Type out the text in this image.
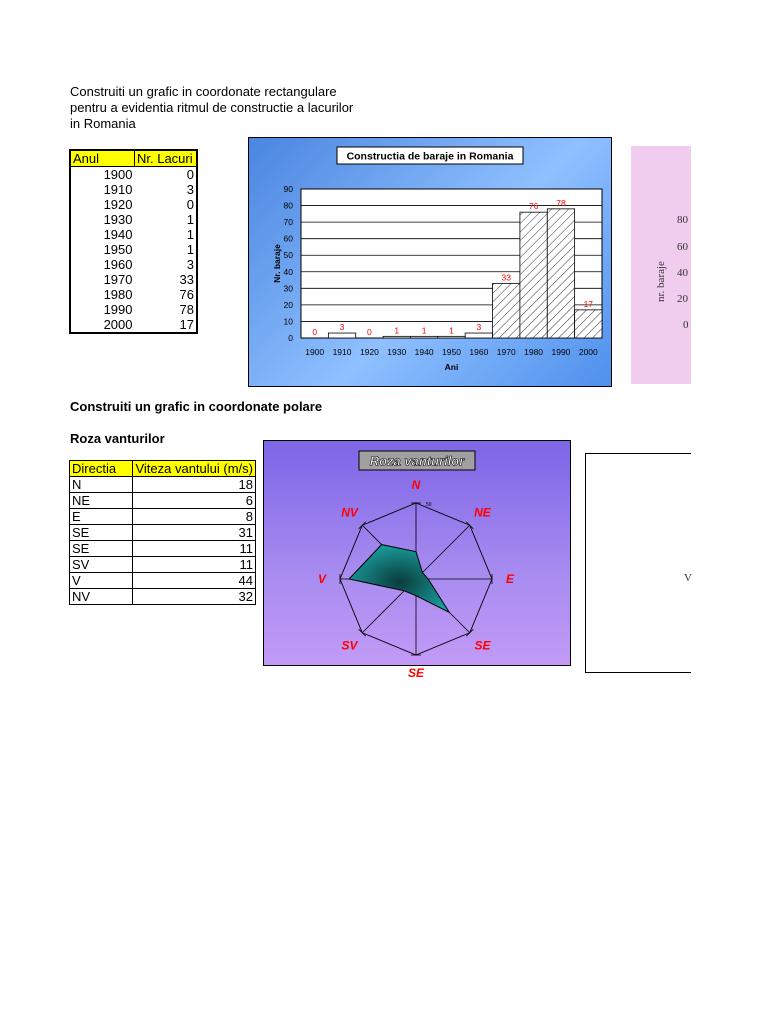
Construiti un grafic in coordonate rectangulare
pentru a evidentia ritmul de constructie a lacurilor
in Romania
Anul	Nr. Lacuri
1900	0
1910	3
1920	0
1930	1
1940	1
1950	1
1960	3
1970	33
1980	76
1990	78
2000	17
0
10
20
30
40
50
60
70
80
90
0
1900
3
1910
0
1920
1
1930
1
1940
1
1950
3
1960
33
1970
76
1980
78
1990
17
2000
Ani
Nr. baraje
Constructia de baraje in Romania
80
60
40
20
0
nr. baraje
Construiti un grafic in coordonate polare
Roza vanturilor
Directia	Viteza vantului (m/s)
N	18
NE	6
E	8
SE	31
SE	11
SV	11
V	44
NV	32
50
N
NE
E
SE
SE
SV
V
NV
Roza vanturilor
V
